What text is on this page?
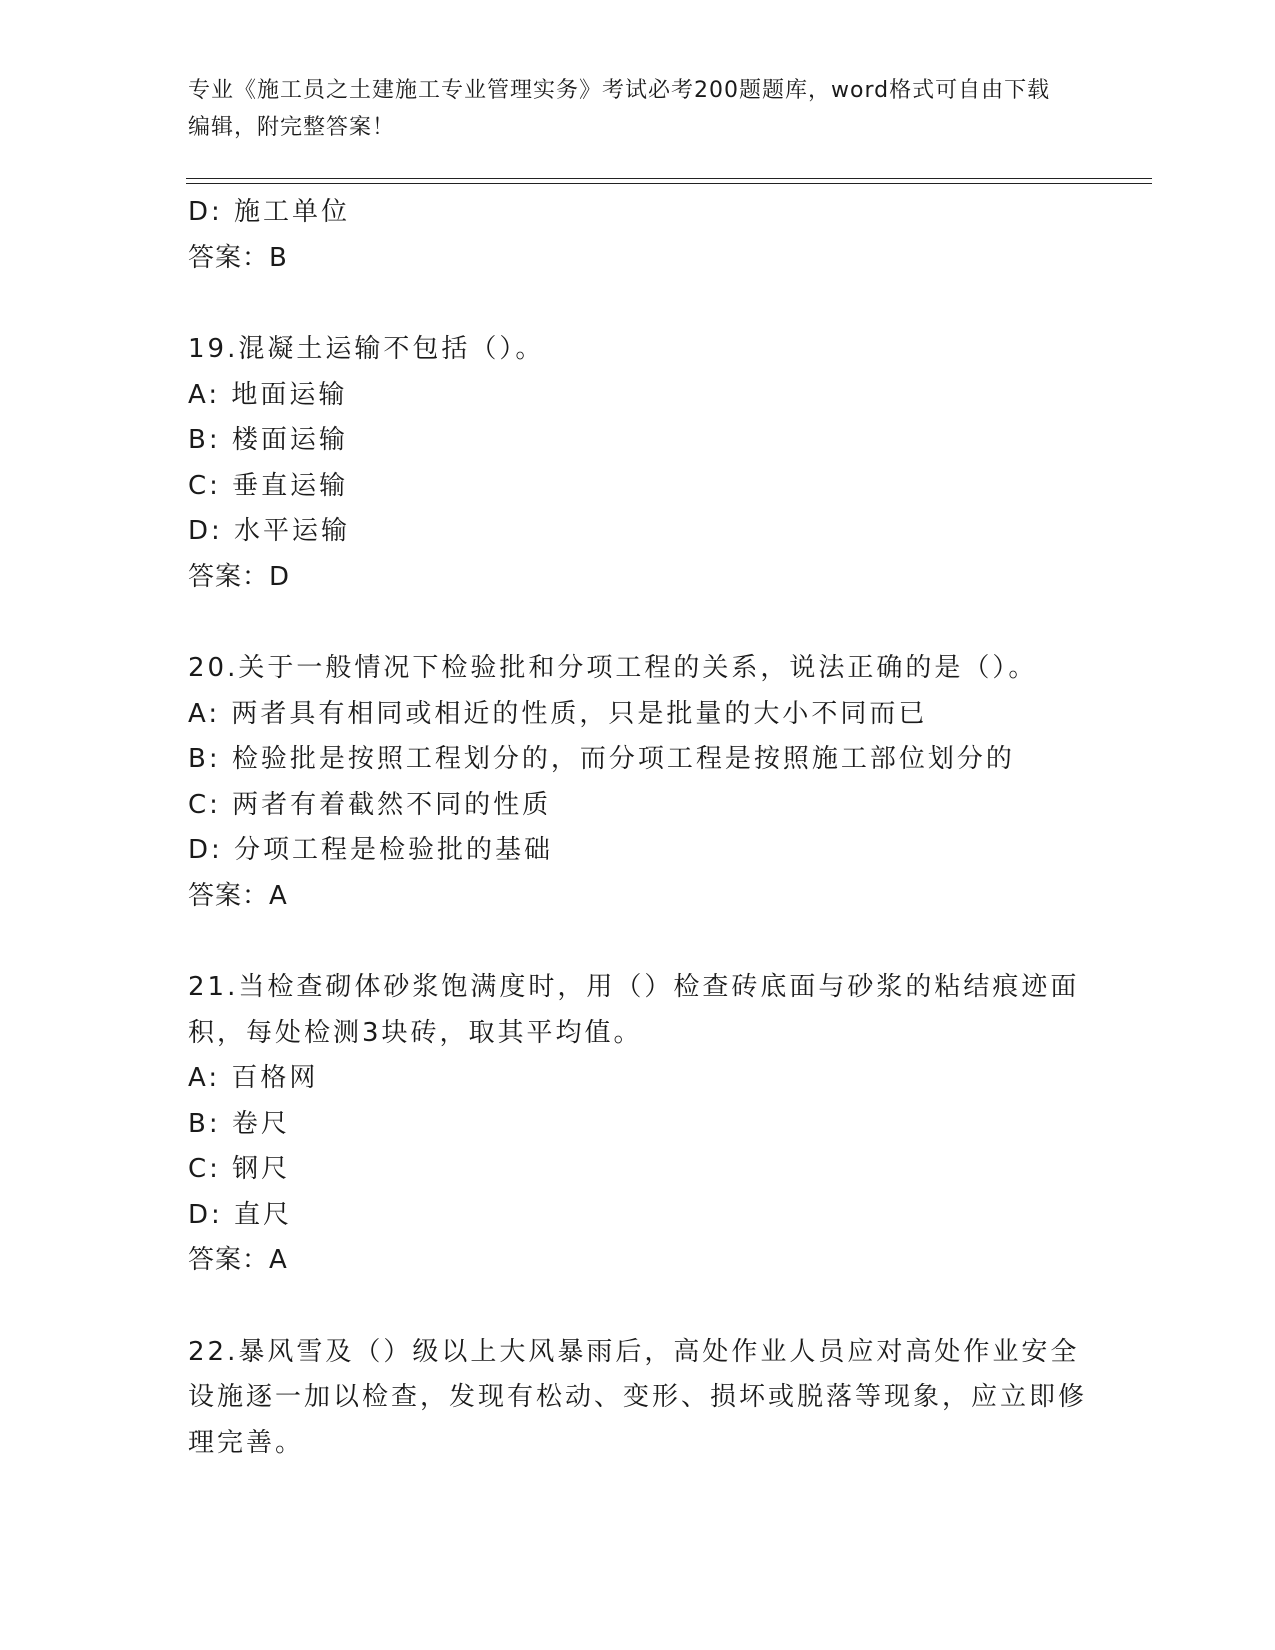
专业《施工员之土建施工专业管理实务》考试必考200题题库，word格式可自由下载编辑，附完整答案！
D: 施工单位
答案：B
19.混凝土运输不包括（）。
A: 地面运输
B: 楼面运输
C: 垂直运输
D: 水平运输
答案：D
20.关于一般情况下检验批和分项工程的关系，说法正确的是（）。
A: 两者具有相同或相近的性质，只是批量的大小不同而已
B: 检验批是按照工程划分的，而分项工程是按照施工部位划分的
C: 两者有着截然不同的性质
D: 分项工程是检验批的基础
答案：A
21.当检查砌体砂浆饱满度时，用（）检查砖底面与砂浆的粘结痕迹面积，每处检测3块砖，取其平均值。
A: 百格网
B: 卷尺
C: 钢尺
D: 直尺
答案：A
22.暴风雪及（）级以上大风暴雨后，高处作业人员应对高处作业安全设施逐一加以检查，发现有松动、变形、损坏或脱落等现象，应立即修理完善。
